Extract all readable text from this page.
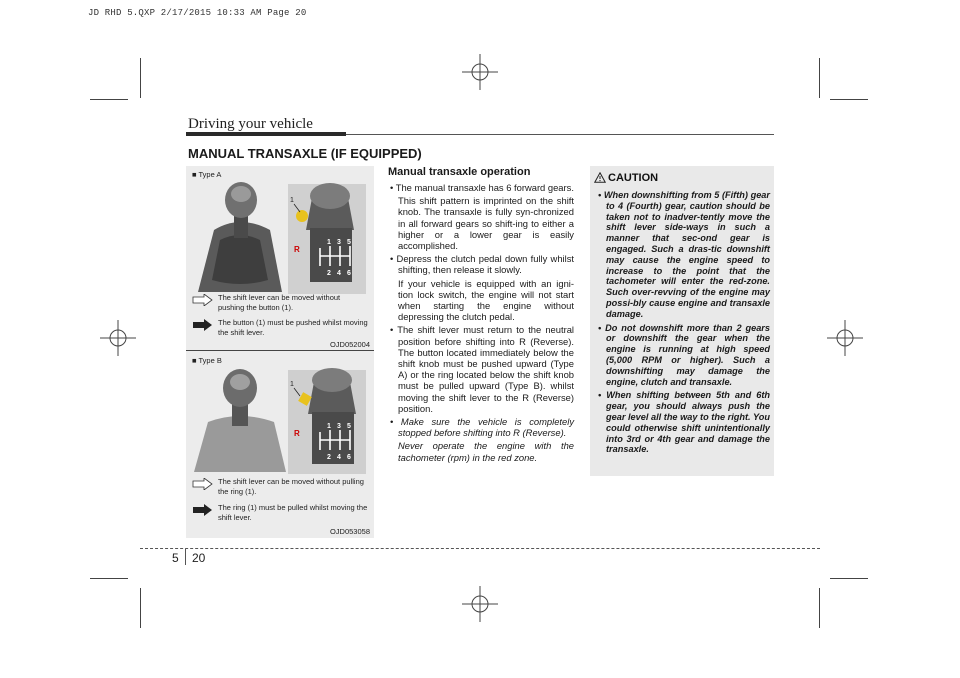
JD RHD 5.QXP 2/17/2015 10:33 AM Page 20
Driving your vehicle
MANUAL TRANSAXLE (IF EQUIPPED)
■ Type A
1
R
1 3 5
2 4 6
The shift lever can be moved without pushing the button (1).
The button (1) must be pushed whilst moving the shift lever.
OJD052004
■ Type B
1
R
1 3 5
2 4 6
The shift lever can be moved without pulling the ring (1).
The ring (1) must be pulled whilst moving the shift lever.
OJD053058
Manual transaxle operation

• The manual transaxle has 6 forward gears.

This shift pattern is imprinted on the shift knob. The transaxle is fully syn-chronized in all forward gears so shift-ing to either a higher or a lower gear is easily accomplished.

• Depress the clutch pedal down fully whilst shifting, then release it slowly.

If your vehicle is equipped with an igni-tion lock switch, the engine will not start when starting the engine without depressing the clutch pedal.

• The shift lever must return to the neutral position before shifting into R (Reverse). The button located immediately below the shift knob must be pushed upward (Type A) or the ring located below the shift knob must be pulled upward (Type B). whilst moving the shift lever to the R (Reverse) position.

• Make sure the vehicle is completely stopped before shifting into R (Reverse).

Never operate the engine with the tachometer (rpm) in the red zone.

CAUTION
• When downshifting from 5 (Fifth) gear to 4 (Fourth) gear, caution should be taken not to inadver-tently move the shift lever side-ways in such a manner that sec-ond gear is engaged. Such a dras-tic downshift may cause the engine speed to increase to the point that the tachometer will enter the red-zone. Such over-revving of the engine may possi-bly cause engine and transaxle damage.
• Do not downshift more than 2 gears or downshift the gear when the engine is running at high speed (5,000 RPM or higher). Such a downshifting may damage the engine, clutch and transaxle.
• When shifting between 5th and 6th gear, you should always push the gear level all the way to the right. You could otherwise shift unintentionally into 3rd or 4th gear and damage the transaxle.
5 20
